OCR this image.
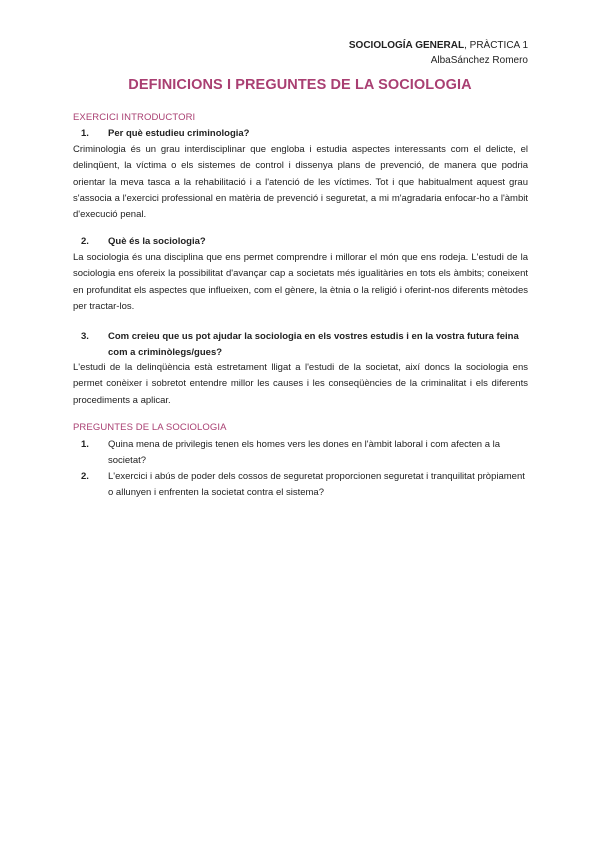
SOCIOLOGÍA GENERAL, PRÀCTICA 1
AlbaSánchez Romero
DEFINICIONS I PREGUNTES DE LA SOCIOLOGIA
EXERCICI INTRODUCTORI
1. Per què estudieu criminologia?
Criminologia és un grau interdisciplinar que engloba i estudia aspectes interessants com el delicte, el delinqüent, la víctima o els sistemes de control i dissenya plans de prevenció, de manera que podria orientar la meva tasca a la rehabilitació i a l'atenció de les víctimes. Tot i que habitualment aquest grau s'associa a l'exercici professional en matèria de prevenció i seguretat, a mi m'agradaria enfocar-ho a l'àmbit d'execució penal.
2. Què és la sociologia?
La sociologia és una disciplina que ens permet comprendre i millorar el món que ens rodeja. L'estudi de la sociologia ens ofereix la possibilitat d'avançar cap a societats més igualitàries en tots els àmbits; coneixent en profunditat els aspectes que influeixen, com el gènere, la ètnia o la religió i oferint-nos diferents mètodes per tractar-los.
3. Com creieu que us pot ajudar la sociologia en els vostres estudis i en la vostra futura feina com a criminòlegs/gues?
L'estudi de la delinqüència està estretament lligat a l'estudi de la societat, així doncs la sociologia ens permet conèixer i sobretot entendre millor les causes i les conseqüències de la criminalitat i els diferents procediments a aplicar.
PREGUNTES DE LA SOCIOLOGIA
1. Quina mena de privilegis tenen els homes vers les dones en l'àmbit laboral i com afecten a la societat?
2. L'exercici i abús de poder dels cossos de seguretat proporcionen seguretat i tranquilitat pròpiament o allunyen i enfrenten la societat contra el sistema?
